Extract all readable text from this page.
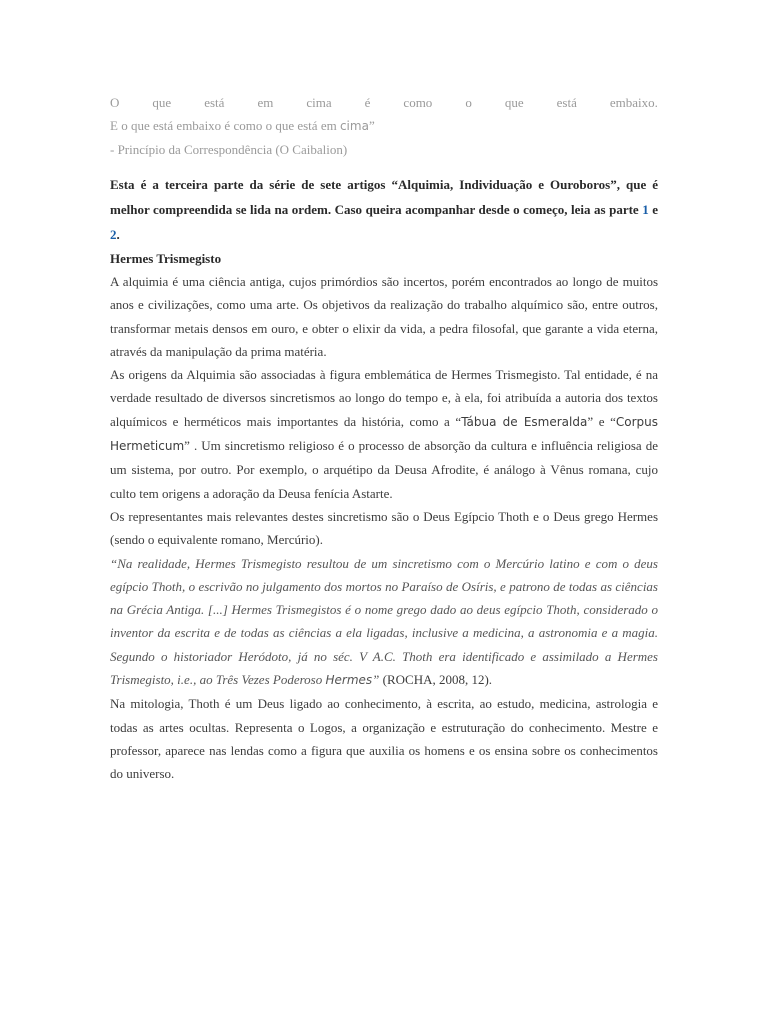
O	que	está	em	cima	é	como	o	que	está	embaixo.
E o que está embaixo é como o que está em cima”
- Princípio da Correspondência (O Caibalion)

Esta é a terceira parte da série de sete artigos “Alquimia, Individuação e Ouroboros”, que é melhor compreendida se lida na ordem. Caso queira acompanhar desde o começo, leia as parte 1 e 2.

Hermes Trismegisto

A alquimia é uma ciência antiga, cujos primórdios são incertos, porém encontrados ao longo de muitos anos e civilizações, como uma arte. Os objetivos da realização do trabalho alquímico são, entre outros, transformar metais densos em ouro, e obter o elixir da vida, a pedra filosofal, que garante a vida eterna, através da manipulação da prima matéria.

As origens da Alquimia são associadas à figura emblemática de Hermes Trismegisto. Tal entidade, é na verdade resultado de diversos sincretismos ao longo do tempo e, à ela, foi atribuída a autoria dos textos alquímicos e herméticos mais importantes da história, como a “Tábua de Esmeralda” e “Corpus Hermeticum” . Um sincretismo religioso é o processo de absorção da cultura e influência religiosa de um sistema, por outro. Por exemplo, o arquétipo da Deusa Afrodite, é análogo à Vênus romana, cujo culto tem origens a adoração da Deusa fenícia Astarte.

Os representantes mais relevantes destes sincretismo são o Deus Egípcio Thoth e o Deus grego Hermes (sendo o equivalente romano, Mercúrio).

“Na realidade, Hermes Trismegisto resultou de um sincretismo com o Mercúrio latino e com o deus egípcio Thoth, o escrivão no julgamento dos mortos no Paraíso de Osíris, e patrono de todas as ciências na Grécia Antiga. [...] Hermes Trismegistos é o nome grego dado ao deus egípcio Thoth, considerado o inventor da escrita e de todas as ciências a ela ligadas, inclusive a medicina, a astronomia e a magia. Segundo o historiador Heródoto, já no séc. V A.C. Thoth era identificado e assimilado a Hermes Trismegisto, i.e., ao Três Vezes Poderoso Hermes” (ROCHA, 2008, 12).

Na mitologia, Thoth é um Deus ligado ao conhecimento, à escrita, ao estudo, medicina, astrologia e todas as artes ocultas. Representa o Logos, a organização e estruturação do conhecimento. Mestre e professor, aparece nas lendas como a figura que auxilia os homens e os ensina sobre os conhecimentos do universo.
